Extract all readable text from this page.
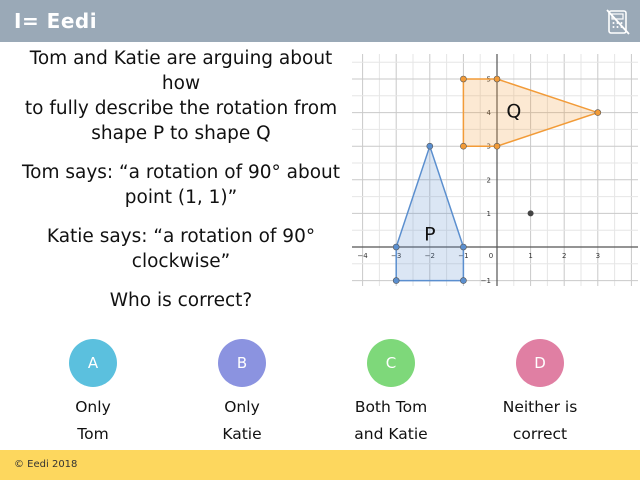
I= Eedi

Tom and Katie are arguing about how
to fully describe the rotation from
shape P to shape Q

Tom says: “a rotation of 90° about
point (1, 1)”

Katie says: “a rotation of 90°
clockwise”

Who is correct?

−4	−3	−2	−1	0	1	2	3
−1
1
2
3
4
5
P
Q
A
Only
Tom
B
Only
Katie
C
Both Tom
and Katie
D
Neither is
correct
© Eedi 2018
